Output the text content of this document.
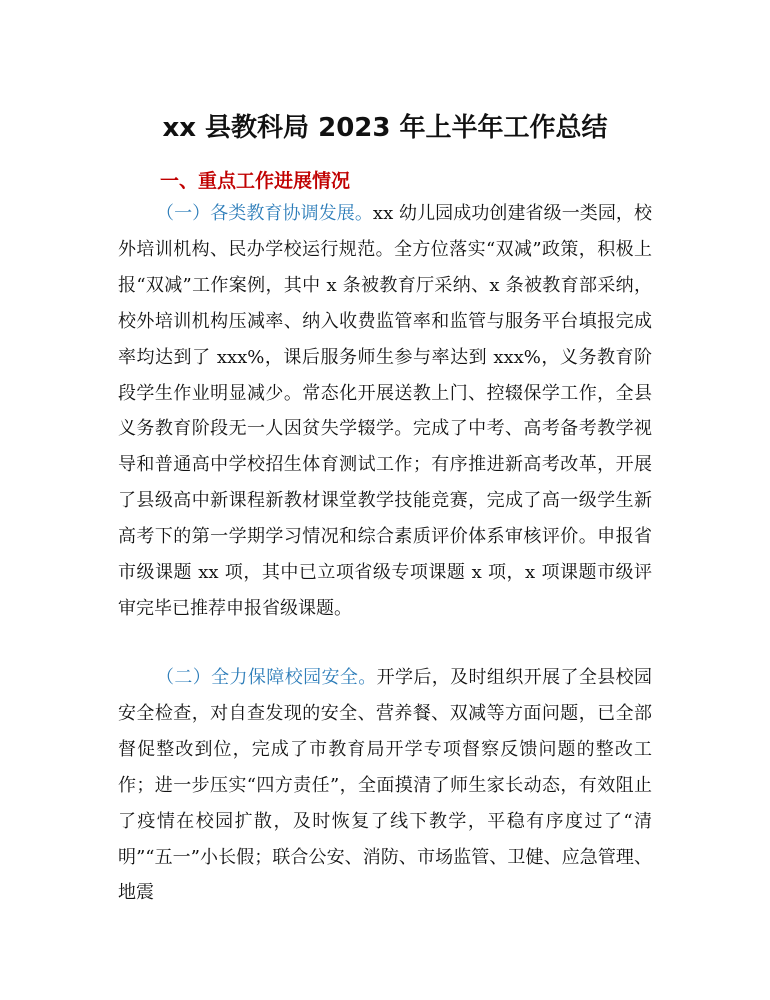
xx 县教科局 2023 年上半年工作总结
一、重点工作进展情况

（一）各类教育协调发展。xx 幼儿园成功创建省级一类园，校外培训机构、民办学校运行规范。全方位落实“双减”政策，积极上报“双减”工作案例，其中 x 条被教育厅采纳、x 条被教育部采纳，校外培训机构压减率、纳入收费监管率和监管与服务平台填报完成率均达到了 xxx%，课后服务师生参与率达到 xxx%，义务教育阶段学生作业明显减少。常态化开展送教上门、控辍保学工作，全县义务教育阶段无一人因贫失学辍学。完成了中考、高考备考教学视导和普通高中学校招生体育测试工作；有序推进新高考改革，开展了县级高中新课程新教材课堂教学技能竞赛，完成了高一级学生新高考下的第一学期学习情况和综合素质评价体系审核评价。申报省市级课题 xx 项，其中已立项省级专项课题 x 项，x 项课题市级评审完毕已推荐申报省级课题。

（二）全力保障校园安全。开学后，及时组织开展了全县校园安全检查，对自查发现的安全、营养餐、双减等方面问题，已全部督促整改到位，完成了市教育局开学专项督察反馈问题的整改工作；进一步压实“四方责任”，全面摸清了师生家长动态，有效阻止了疫情在校园扩散，及时恢复了线下教学，平稳有序度过了“清明”“五一”小长假；联合公安、消防、市场监管、卫健、应急管理、地震
